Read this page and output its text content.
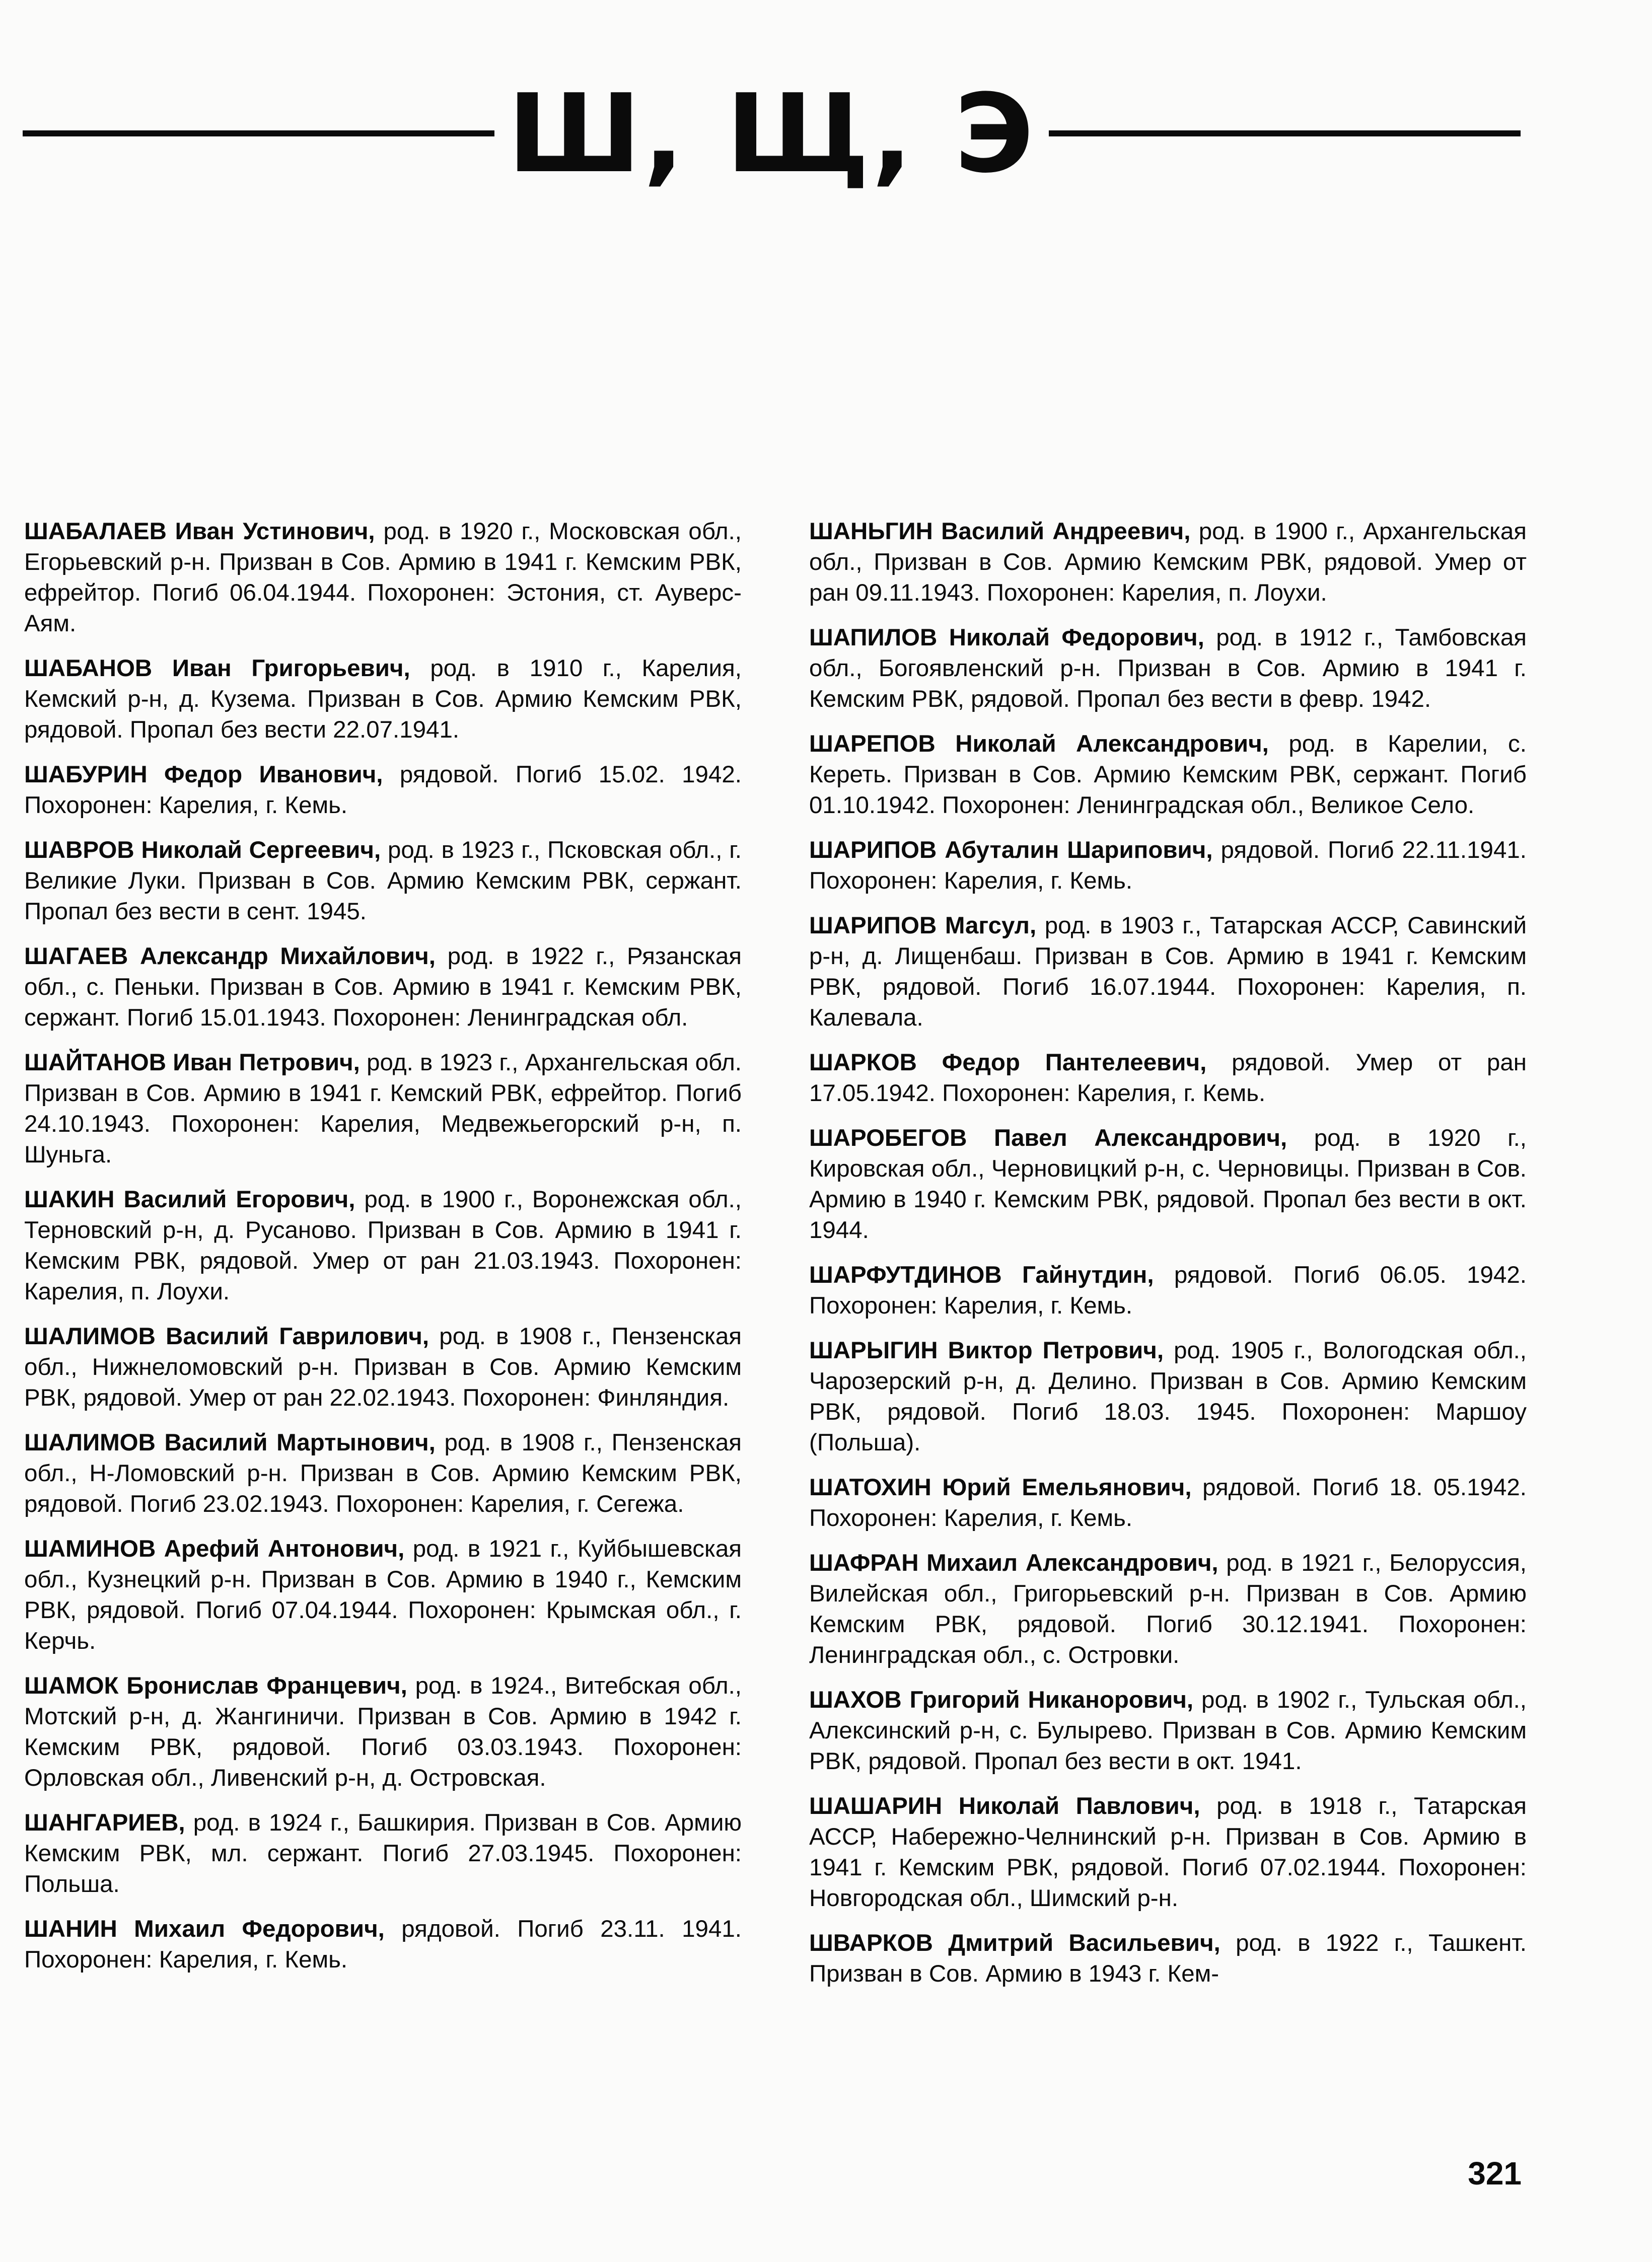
Ш, Щ, Э

ШАБАЛАЕВ Иван Устинович, род. в 1920 г., Московская обл., Егорьевский р-н. Призван в Сов. Армию в 1941 г. Кемским РВК, ефрейтор. Погиб 06.04.1944. Похоронен: Эстония, ст. Ауверс-Аям.

ШАБАНОВ Иван Григорьевич, род. в 1910 г., Карелия, Кемский р-н, д. Кузема. Призван в Сов. Армию Кемским РВК, рядовой. Пропал без вести 22.07.1941.

ШАБУРИН Федор Иванович, рядовой. Погиб 15.02. 1942. Похоронен: Карелия, г. Кемь.

ШАВРОВ Николай Сергеевич, род. в 1923 г., Псковская обл., г. Великие Луки. Призван в Сов. Армию Кемским РВК, сержант. Пропал без вести в сент. 1945.

ШАГАЕВ Александр Михайлович, род. в 1922 г., Рязанская обл., с. Пеньки. Призван в Сов. Армию в 1941 г. Кемским РВК, сержант. Погиб 15.01.1943. Похоронен: Ленинградская обл.

ШАЙТАНОВ Иван Петрович, род. в 1923 г., Архангельская обл. Призван в Сов. Армию в 1941 г. Кемский РВК, ефрейтор. Погиб 24.10.1943. Похоронен: Карелия, Медвежьегорский р-н, п. Шуньга.

ШАКИН Василий Егорович, род. в 1900 г., Воронежская обл., Терновский р-н, д. Русаново. Призван в Сов. Армию в 1941 г. Кемским РВК, рядовой. Умер от ран 21.03.1943. Похоронен: Карелия, п. Лоухи.

ШАЛИМОВ Василий Гаврилович, род. в 1908 г., Пензенская обл., Нижнеломовский р-н. Призван в Сов. Армию Кемским РВК, рядовой. Умер от ран 22.02.1943. Похоронен: Финляндия.

ШАЛИМОВ Василий Мартынович, род. в 1908 г., Пензенская обл., Н-Ломовский р-н. Призван в Сов. Армию Кемским РВК, рядовой. Погиб 23.02.1943. Похоронен: Карелия, г. Сегежа.

ШАМИНОВ Арефий Антонович, род. в 1921 г., Куйбышевская обл., Кузнецкий р-н. Призван в Сов. Армию в 1940 г., Кемским РВК, рядовой. Погиб 07.04.1944. Похоронен: Крымская обл., г. Керчь.

ШАМОК Бронислав Францевич, род. в 1924., Витебская обл., Мотский р-н, д. Жангиничи. Призван в Сов. Армию в 1942 г. Кемским РВК, рядовой. Погиб 03.03.1943. Похоронен: Орловская обл., Ливенский р-н, д. Островская.

ШАНГАРИЕВ, род. в 1924 г., Башкирия. Призван в Сов. Армию Кемским РВК, мл. сержант. Погиб 27.03.1945. Похоронен: Польша.

ШАНИН Михаил Федорович, рядовой. Погиб 23.11. 1941. Похоронен: Карелия, г. Кемь.

ШАНЬГИН Василий Андреевич, род. в 1900 г., Архангельская обл., Призван в Сов. Армию Кемским РВК, рядовой. Умер от ран 09.11.1943. Похоронен: Карелия, п. Лоухи.

ШАПИЛОВ Николай Федорович, род. в 1912 г., Тамбовская обл., Богоявленский р-н. Призван в Сов. Армию в 1941 г. Кемским РВК, рядовой. Пропал без вести в февр. 1942.

ШАРЕПОВ Николай Александрович, род. в Карелии, с. Кереть. Призван в Сов. Армию Кемским РВК, сержант. Погиб 01.10.1942. Похоронен: Ленинградская обл., Великое Село.

ШАРИПОВ Абуталин Шарипович, рядовой. Погиб 22.11.1941. Похоронен: Карелия, г. Кемь.

ШАРИПОВ Магсул, род. в 1903 г., Татарская АССР, Савинский р-н, д. Лищенбаш. Призван в Сов. Армию в 1941 г. Кемским РВК, рядовой. Погиб 16.07.1944. Похоронен: Карелия, п. Калевала.

ШАРКОВ Федор Пантелеевич, рядовой. Умер от ран 17.05.1942. Похоронен: Карелия, г. Кемь.

ШАРОБЕГОВ Павел Александрович, род. в 1920 г., Кировская обл., Черновицкий р-н, с. Черновицы. Призван в Сов. Армию в 1940 г. Кемским РВК, рядовой. Пропал без вести в окт. 1944.

ШАРФУТДИНОВ Гайнутдин, рядовой. Погиб 06.05. 1942. Похоронен: Карелия, г. Кемь.

ШАРЫГИН Виктор Петрович, род. 1905 г., Вологодская обл., Чарозерский р-н, д. Делино. Призван в Сов. Армию Кемским РВК, рядовой. Погиб 18.03. 1945. Похоронен: Маршоу (Польша).

ШАТОХИН Юрий Емельянович, рядовой. Погиб 18. 05.1942. Похоронен: Карелия, г. Кемь.

ШАФРАН Михаил Александрович, род. в 1921 г., Белоруссия, Вилейская обл., Григорьевский р-н. Призван в Сов. Армию Кемским РВК, рядовой. Погиб 30.12.1941. Похоронен: Ленинградская обл., с. Островки.

ШАХОВ Григорий Никанорович, род. в 1902 г., Тульская обл., Алексинский р-н, с. Булырево. Призван в Сов. Армию Кемским РВК, рядовой. Пропал без вести в окт. 1941.

ШАШАРИН Николай Павлович, род. в 1918 г., Татарская АССР, Набережно-Челнинский р-н. Призван в Сов. Армию в 1941 г. Кемским РВК, рядовой. Погиб 07.02.1944. Похоронен: Новгородская обл., Шимский р-н.

ШВАРКОВ Дмитрий Васильевич, род. в 1922 г., Ташкент. Призван в Сов. Армию в 1943 г. Кем-

321
